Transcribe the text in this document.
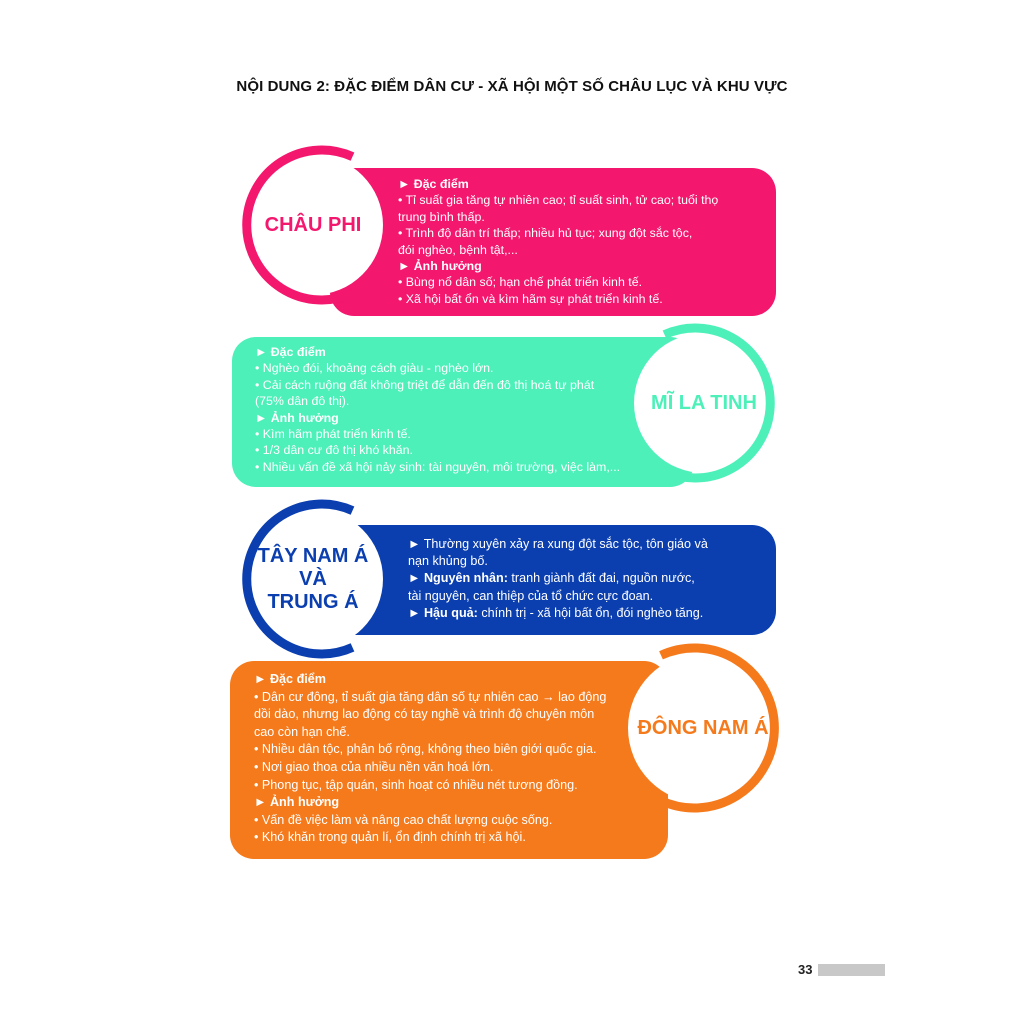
NỘI DUNG 2: ĐẶC ĐIỂM DÂN CƯ - XÃ HỘI MỘT SỐ CHÂU LỤC VÀ KHU VỰC
► Đặc điểm
• Tỉ suất gia tăng tự nhiên cao; tỉ suất sinh, tử cao; tuổi thọ
trung bình thấp.
• Trình độ dân trí thấp; nhiều hủ tục; xung đột sắc tộc,
đói nghèo, bệnh tật,...
► Ảnh hưởng
• Bùng nổ dân số; hạn chế phát triển kinh tế.
• Xã hội bất ổn và kìm hãm sự phát triển kinh tế.
CHÂU PHI
► Đặc điểm
• Nghèo đói, khoảng cách giàu - nghèo lớn.
• Cải cách ruộng đất không triệt để dẫn đến đô thị hoá tự phát
(75% dân đô thị).
► Ảnh hưởng
• Kìm hãm phát triển kinh tế.
• 1/3 dân cư đô thị khó khăn.
• Nhiều vấn đề xã hội nảy sinh: tài nguyên, môi trường, việc làm,...
MĨ LA TINH
► Thường xuyên xảy ra xung đột sắc tộc, tôn giáo và
nạn khủng bố.
► Nguyên nhân: tranh giành đất đai, nguồn nước,
tài nguyên, can thiệp của tổ chức cực đoan.
► Hậu quả: chính trị - xã hội bất ổn, đói nghèo tăng.
TÂY NAM Á
VÀ
TRUNG Á
► Đặc điểm
• Dân cư đông, tỉ suất gia tăng dân số tự nhiên cao → lao động
dồi dào, nhưng lao động có tay nghề và trình độ chuyên môn
cao còn hạn chế.
• Nhiều dân tộc, phân bố rộng, không theo biên giới quốc gia.
• Nơi giao thoa của nhiều nền văn hoá lớn.
• Phong tục, tập quán, sinh hoạt có nhiều nét tương đồng.
► Ảnh hưởng
• Vấn đề việc làm và nâng cao chất lượng cuộc sống.
• Khó khăn trong quản lí, ổn định chính trị xã hội.
ĐÔNG NAM Á
33
